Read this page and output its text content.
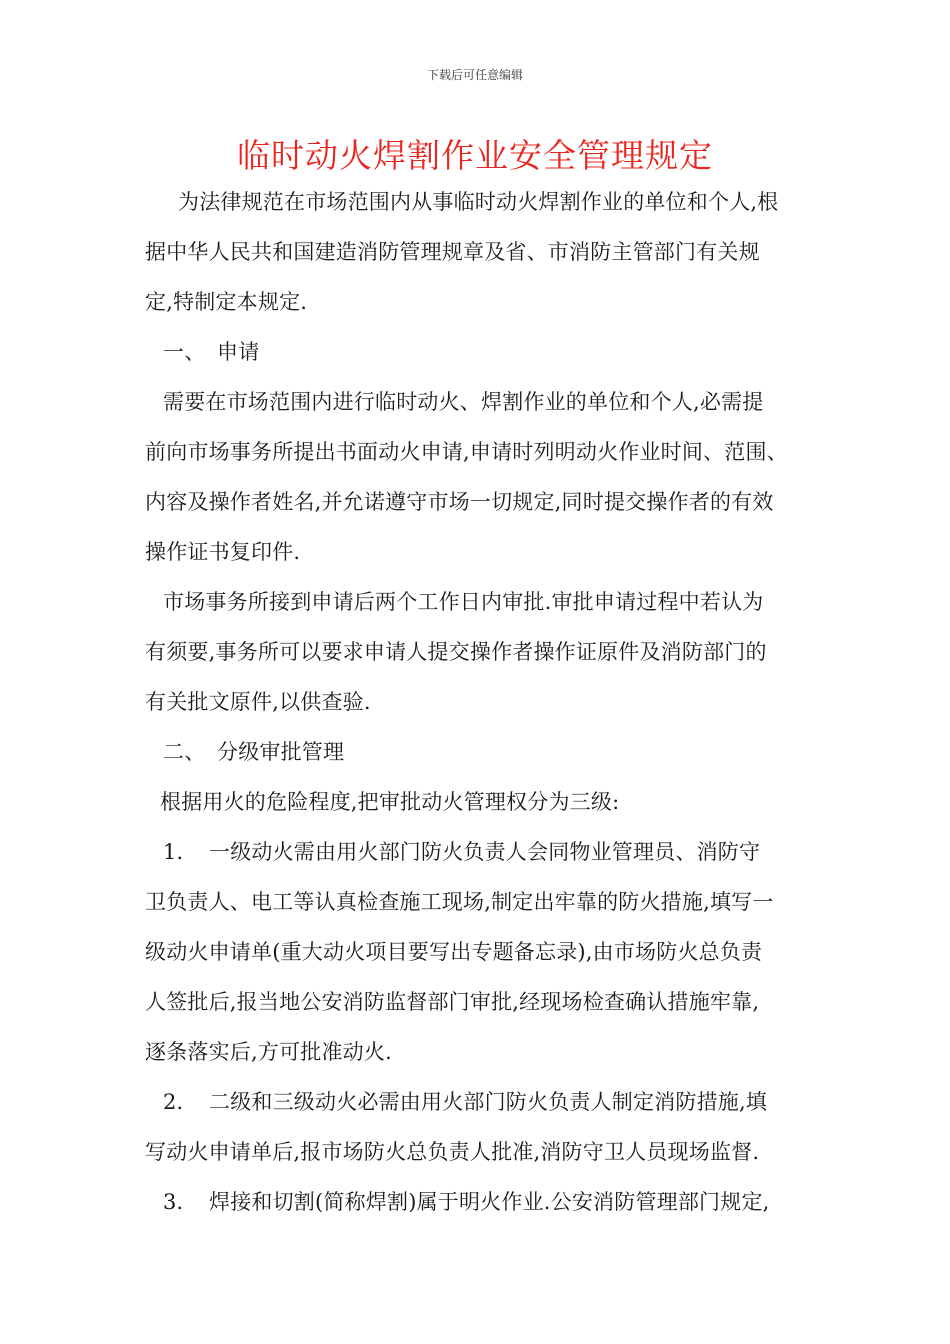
下载后可任意编辑
临时动火焊割作业安全管理规定
为法律规范在市场范围内从事临时动火焊割作业的单位和个人,根
据中华人民共和国建造消防管理规章及省、市消防主管部门有关规
定,特制定本规定.
一、 申请
需要在市场范围内进行临时动火、焊割作业的单位和个人,必需提
前向市场事务所提出书面动火申请,申请时列明动火作业时间、范围、
内容及操作者姓名,并允诺遵守市场一切规定,同时提交操作者的有效
操作证书复印件.
市场事务所接到申请后两个工作日内审批.审批申请过程中若认为
有须要,事务所可以要求申请人提交操作者操作证原件及消防部门的
有关批文原件,以供查验.
二、 分级审批管理
根据用火的危险程度,把审批动火管理权分为三级:
1． 一级动火需由用火部门防火负责人会同物业管理员、消防守
卫负责人、电工等认真检查施工现场,制定出牢靠的防火措施,填写一
级动火申请单(重大动火项目要写出专题备忘录),由市场防火总负责
人签批后,报当地公安消防监督部门审批,经现场检查确认措施牢靠,
逐条落实后,方可批准动火.
2． 二级和三级动火必需由用火部门防火负责人制定消防措施,填
写动火申请单后,报市场防火总负责人批准,消防守卫人员现场监督.
3． 焊接和切割(简称焊割)属于明火作业.公安消防管理部门规定,
